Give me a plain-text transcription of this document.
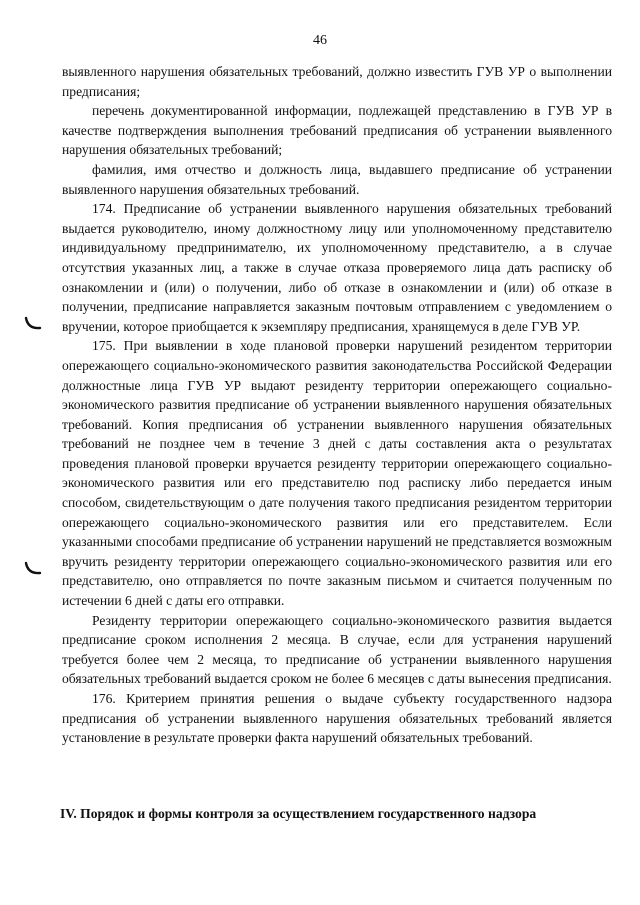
46

выявленного нарушения обязательных требований, должно известить ГУВ УР о выполнении предписания;

перечень документированной информации, подлежащей представлению в ГУВ УР в качестве подтверждения выполнения требований предписания об устранении выявленного нарушения обязательных требований;

фамилия, имя отчество и должность лица, выдавшего предписание об устранении выявленного нарушения обязательных требований.

174. Предписание об устранении выявленного нарушения обязательных требований выдается руководителю, иному должностному лицу или уполномоченному представителю индивидуальному предпринимателю, их уполномоченному представителю, а в случае отсутствия указанных лиц, а также в случае отказа проверяемого лица дать расписку об ознакомлении и (или) о получении, либо об отказе в ознакомлении и (или) об отказе в получении, предписание направляется заказным почтовым отправлением с уведомлением о вручении, которое приобщается к экземпляру предписания, хранящемуся в деле ГУВ УР.

175. При выявлении в ходе плановой проверки нарушений резидентом территории опережающего социально-экономического развития законодательства Российской Федерации должностные лица ГУВ УР выдают резиденту территории опережающего социально-экономического развития предписание об устранении выявленного нарушения обязательных требований. Копия предписания об устранении выявленного нарушения обязательных требований не позднее чем в течение 3 дней с даты составления акта о результатах проведения плановой проверки вручается резиденту территории опережающего социально-экономического развития или его представителю под расписку либо передается иным способом, свидетельствующим о дате получения такого предписания резидентом территории опережающего социально-экономического развития или его представителем. Если указанными способами предписание об устранении нарушений не представляется возможным вручить резиденту территории опережающего социально-экономического развития или его представителю, оно отправляется по почте заказным письмом и считается полученным по истечении 6 дней с даты его отправки.

Резиденту территории опережающего социально-экономического развития выдается предписание сроком исполнения 2 месяца. В случае, если для устранения нарушений требуется более чем 2 месяца, то предписание об устранении выявленного нарушения обязательных требований выдается сроком не более 6 месяцев с даты вынесения предписания.

176. Критерием принятия решения о выдаче субъекту государственного надзора предписания об устранении выявленного нарушения обязательных требований является установление в результате проверки факта нарушений обязательных требований.

IV. Порядок и формы контроля за осуществлением государственного надзора
